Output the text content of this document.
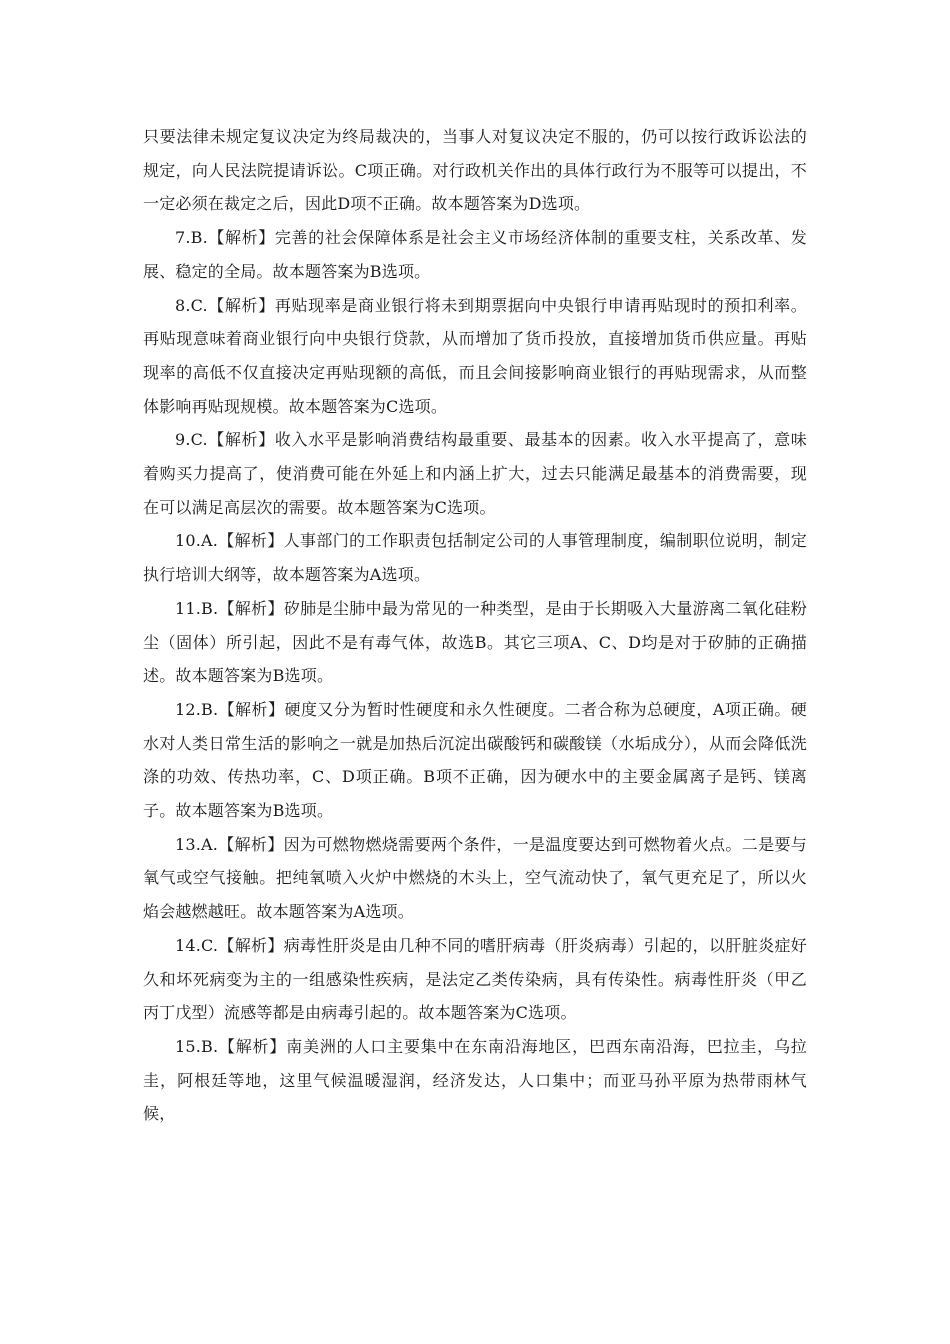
只要法律未规定复议决定为终局裁决的，当事人对复议决定不服的，仍可以按行政诉讼法的规定，向人民法院提请诉讼。C项正确。对行政机关作出的具体行政行为不服等可以提出，不一定必须在裁定之后，因此D项不正确。故本题答案为D选项。

7.B.【解析】完善的社会保障体系是社会主义市场经济体制的重要支柱，关系改革、发展、稳定的全局。故本题答案为B选项。

8.C.【解析】再贴现率是商业银行将未到期票据向中央银行申请再贴现时的预扣利率。再贴现意味着商业银行向中央银行贷款，从而增加了货币投放，直接增加货币供应量。再贴现率的高低不仅直接决定再贴现额的高低，而且会间接影响商业银行的再贴现需求，从而整体影响再贴现规模。故本题答案为C选项。

9.C.【解析】收入水平是影响消费结构最重要、最基本的因素。收入水平提高了，意味着购买力提高了，使消费可能在外延上和内涵上扩大，过去只能满足最基本的消费需要，现在可以满足高层次的需要。故本题答案为C选项。

10.A.【解析】人事部门的工作职责包括制定公司的人事管理制度，编制职位说明，制定执行培训大纲等，故本题答案为A选项。

11.B.【解析】矽肺是尘肺中最为常见的一种类型，是由于长期吸入大量游离二氧化硅粉尘（固体）所引起，因此不是有毒气体，故选B。其它三项A、C、D均是对于矽肺的正确描述。故本题答案为B选项。

12.B.【解析】硬度又分为暂时性硬度和永久性硬度。二者合称为总硬度，A项正确。硬水对人类日常生活的影响之一就是加热后沉淀出碳酸钙和碳酸镁（水垢成分），从而会降低洗涤的功效、传热功率，C、D项正确。B项不正确，因为硬水中的主要金属离子是钙、镁离子。故本题答案为B选项。

13.A.【解析】因为可燃物燃烧需要两个条件，一是温度要达到可燃物着火点。二是要与氧气或空气接触。把纯氧喷入火炉中燃烧的木头上，空气流动快了，氧气更充足了，所以火焰会越燃越旺。故本题答案为A选项。

14.C.【解析】病毒性肝炎是由几种不同的嗜肝病毒（肝炎病毒）引起的，以肝脏炎症好久和坏死病变为主的一组感染性疾病，是法定乙类传染病，具有传染性。病毒性肝炎（甲乙丙丁戊型）流感等都是由病毒引起的。故本题答案为C选项。

15.B.【解析】南美洲的人口主要集中在东南沿海地区，巴西东南沿海，巴拉圭，乌拉圭，阿根廷等地，这里气候温暖湿润，经济发达，人口集中；而亚马孙平原为热带雨林气候，
